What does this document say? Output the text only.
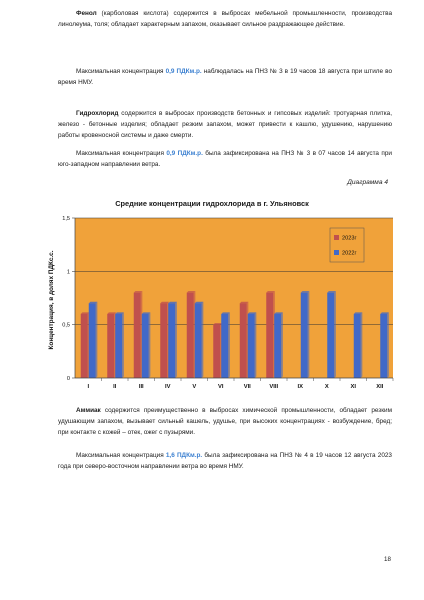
Фенол (карболовая кислота) содержится в выбросах мебельной промышленности, производства линолеума, толя; обладает характерным запахом, оказывает сильное раздражающее действие.

Максимальная концентрация 0,9 ПДКм.р. наблюдалась на ПНЗ № 3 в 19 часов 18 августа при штиле во время НМУ.

Гидрохлорид содержится в выбросах производств бетонных и гипсовых изделий: тротуарная плитка, железо - бетонные изделия; обладает резким запахом, может привести к кашлю, удушению, нарушению работы кровеносной системы и даже смерти.

Максимальная концентрация 0,9 ПДКм.р. была зафиксирована на ПНЗ № 3 в 07 часов 14 августа при юго-западном направлении ветра.

Диаграмма 4
Средние концентрации гидрохлорида в г. Ульяновск
0
0,5
1
1,5
I	II	III	IV	V	VI	VII	VIII	IX	X	XI	XII
Концентрация, в долях ПДКс.с.
2023г
2022г

Аммиак содержится преимущественно в выбросах химической промышленности, обладает резким удушающим запахом, вызывает сильный кашель, удушье, при высоких концентрациях - возбуждение, бред; при контакте с кожей – отек, ожег с пузырями.

Максимальная концентрация 1,6 ПДКм.р. была зафиксирована на ПНЗ № 4 в 19 часов 12 августа 2023 года при северо-восточном направлении ветра во время НМУ.

18
